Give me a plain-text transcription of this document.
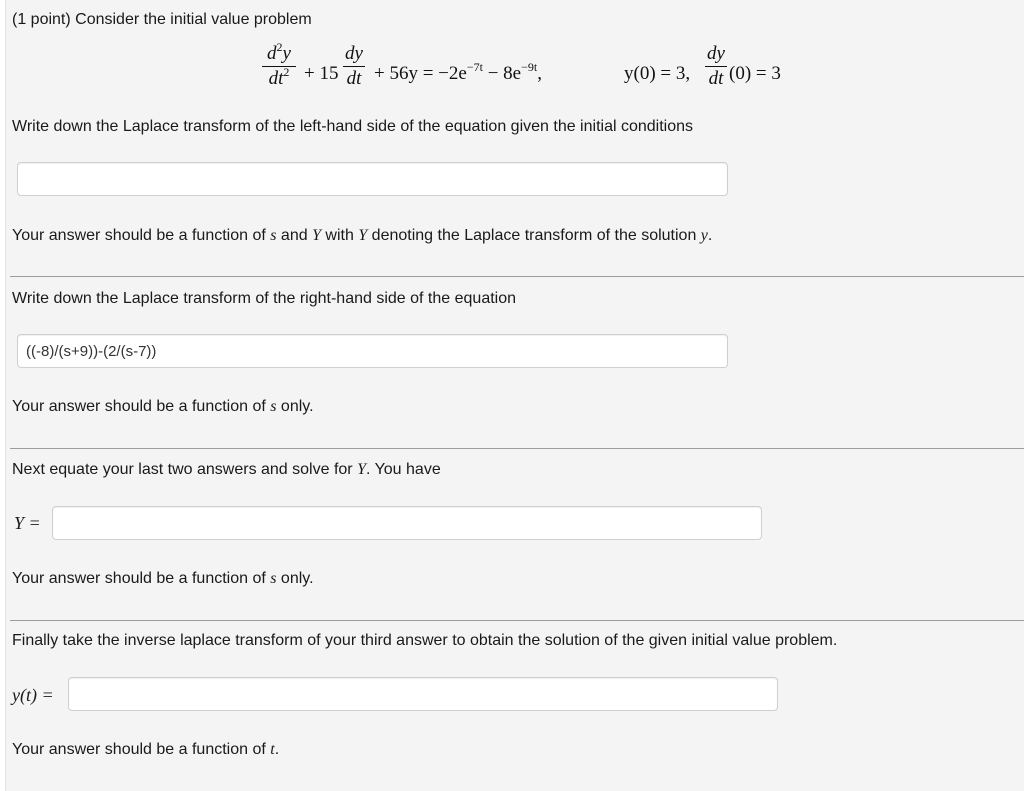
(1 point) Consider the initial value problem
$d^2y$
$dt^2 + 15$
dy
dt + $56y = -2e^{-7t} - 8e^{-9t}$,	y(0) = 3,
dy
dt (0) = 3
Write down the Laplace transform of the left-hand side of the equation given the initial conditions
Your answer should be a function of s and Y with Y denoting the Laplace transform of the solution y.
Write down the Laplace transform of the right-hand side of the equation
((-8)/(s+9))-(2/(s-7))
Your answer should be a function of s only.
Next equate your last two answers and solve for Y. You have
Y =
Your answer should be a function of s only.
Finally take the inverse laplace transform of your third answer to obtain the solution of the given initial value problem.
y(t) =
Your answer should be a function of t.
